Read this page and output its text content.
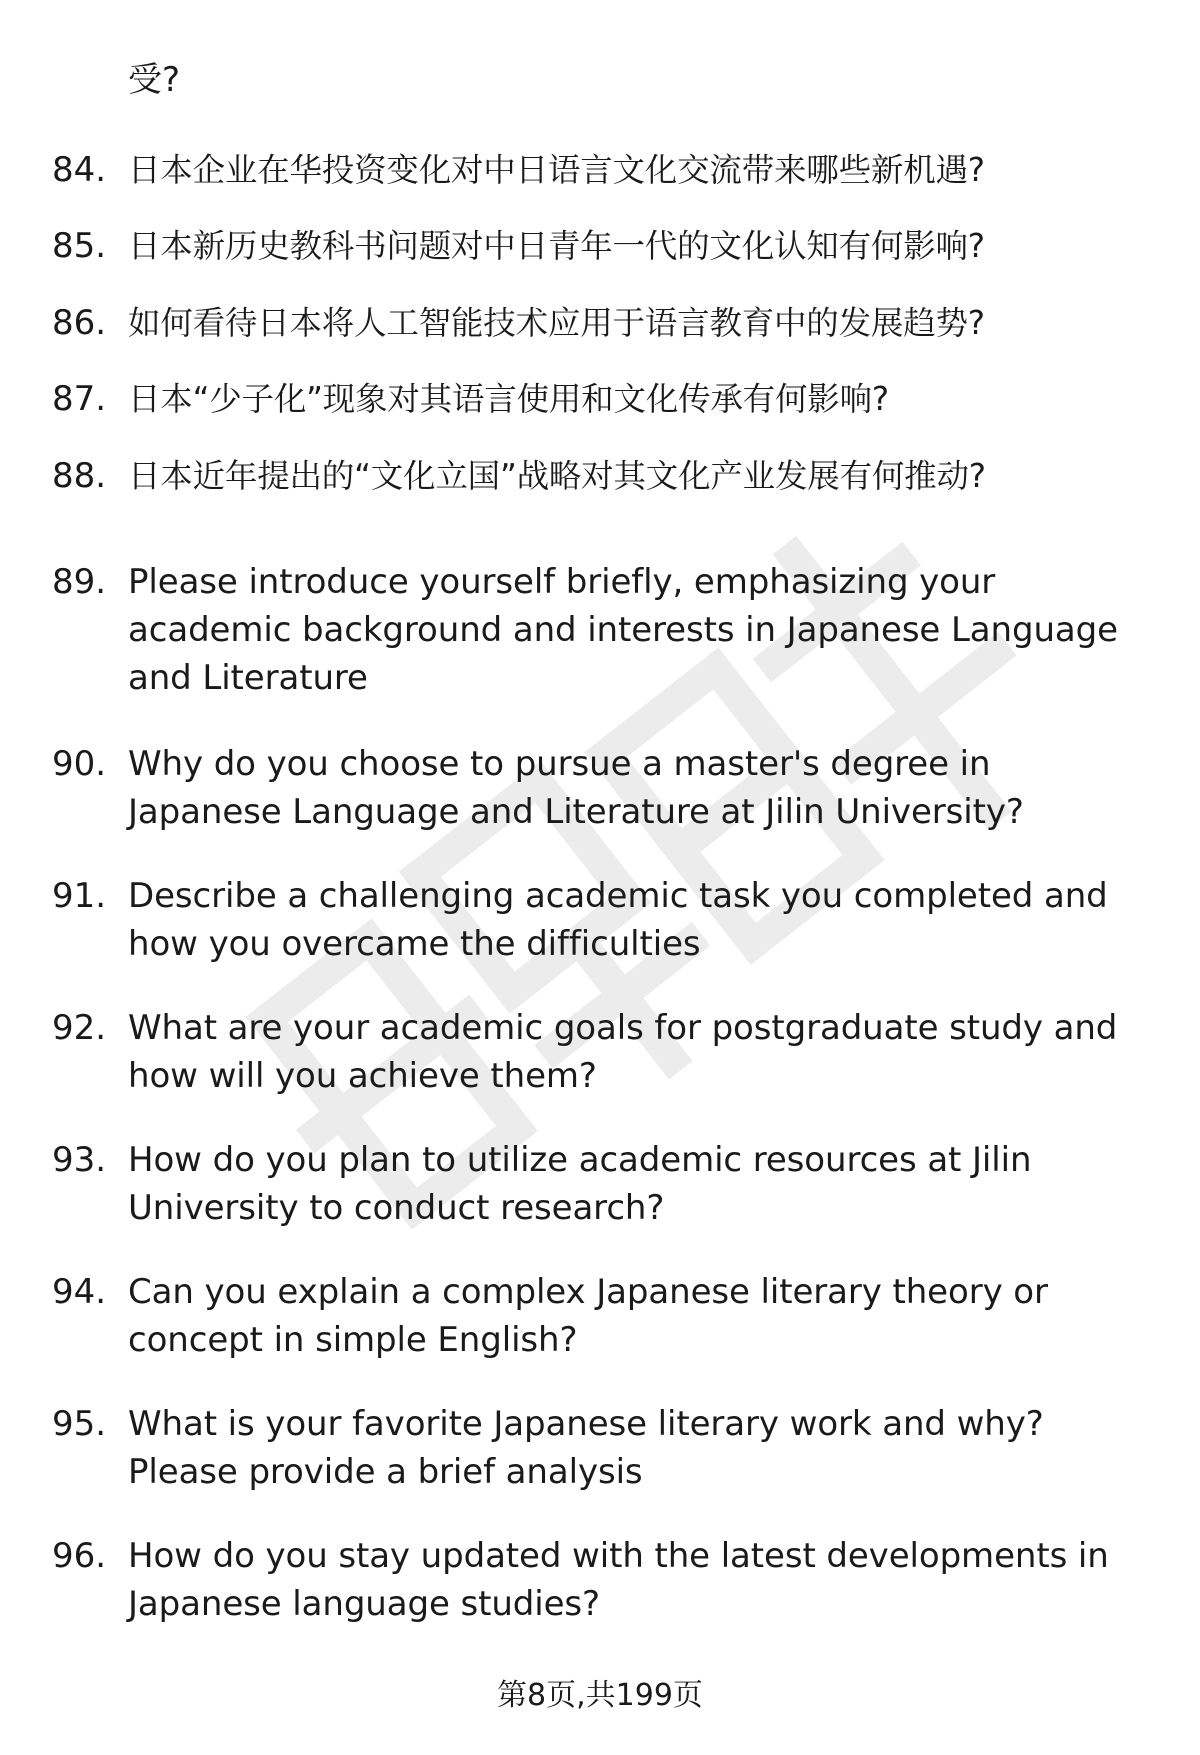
受?
84. 日本企业在华投资变化对中日语言文化交流带来哪些新机遇?
85. 日本新历史教科书问题对中日青年一代的文化认知有何影响?
86. 如何看待日本将人工智能技术应用于语言教育中的发展趋势?
87. 日本“少子化”现象对其语言使用和文化传承有何影响?
88. 日本近年提出的“文化立国”战略对其文化产业发展有何推动?
89. Please introduce yourself briefly, emphasizing your academic background and interests in Japanese Language and Literature
90. Why do you choose to pursue a master's degree in Japanese Language and Literature at Jilin University?
91. Describe a challenging academic task you completed and how you overcame the difficulties
92. What are your academic goals for postgraduate study and how will you achieve them?
93. How do you plan to utilize academic resources at Jilin University to conduct research?
94. Can you explain a complex Japanese literary theory or concept in simple English?
95. What is your favorite Japanese literary work and why? Please provide a brief analysis
96. How do you stay updated with the latest developments in Japanese language studies?
第8页,共199页
